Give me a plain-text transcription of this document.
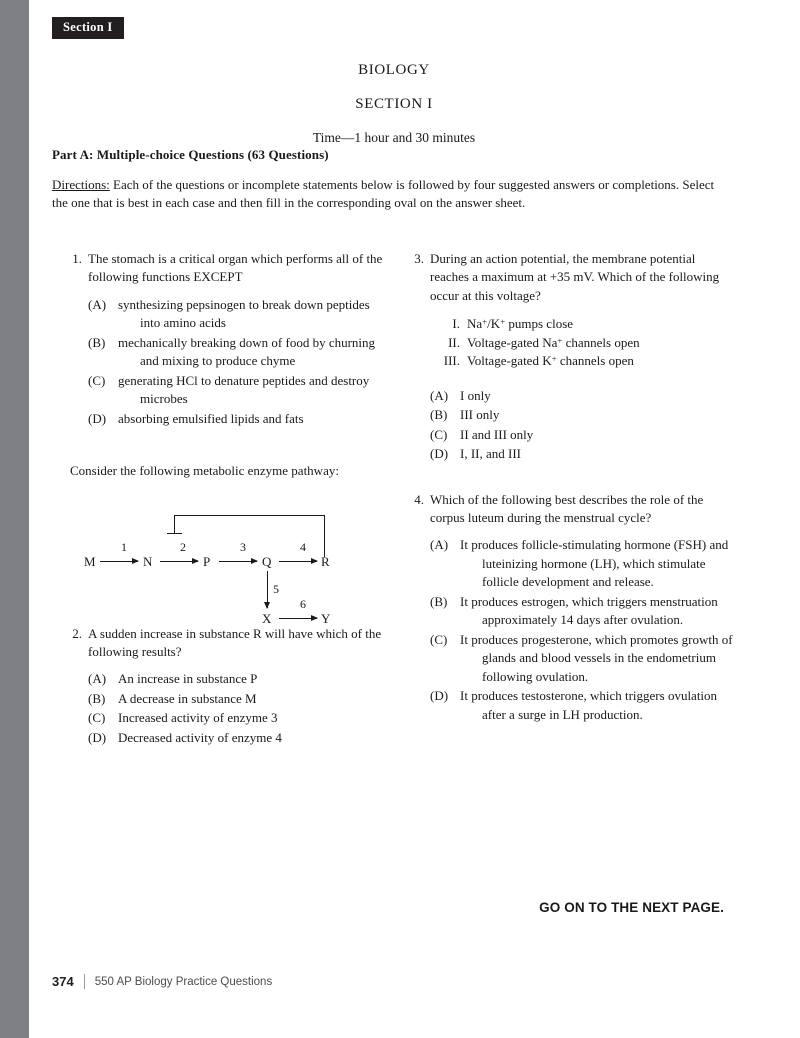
Section I
BIOLOGY
SECTION I
Time—1 hour and 30 minutes
Part A: Multiple-choice Questions (63 Questions)
Directions: Each of the questions or incomplete statements below is followed by four suggested answers or completions. Select the one that is best in each case and then fill in the corresponding oval on the answer sheet.
1. The stomach is a critical organ which performs all of the following functions EXCEPT
(A) synthesizing pepsinogen to break down peptides into amino acids
(B) mechanically breaking down of food by churning and mixing to produce chyme
(C) generating HCl to denature peptides and destroy microbes
(D) absorbing emulsified lipids and fats
Consider the following metabolic enzyme pathway:
M
1
N
2
P
3
Q
4
R
5
X
6
Y
2. A sudden increase in substance R will have which of the following results?
(A) An increase in substance P
(B) A decrease in substance M
(C) Increased activity of enzyme 3
(D) Decreased activity of enzyme 4
3. During an action potential, the membrane potential reaches a maximum at +35 mV. Which of the following occur at this voltage?
I. Na+/K+ pumps close
II. Voltage-gated Na+ channels open
III. Voltage-gated K+ channels open
(A) I only
(B) III only
(C) II and III only
(D) I, II, and III
4. Which of the following best describes the role of the corpus luteum during the menstrual cycle?
(A) It produces follicle-stimulating hormone (FSH) and luteinizing hormone (LH), which stimulate follicle development and release.
(B) It produces estrogen, which triggers menstruation approximately 14 days after ovulation.
(C) It produces progesterone, which promotes growth of glands and blood vessels in the endometrium following ovulation.
(D) It produces testosterone, which triggers ovulation after a surge in LH production.
GO ON TO THE NEXT PAGE.
374 550 AP Biology Practice Questions
